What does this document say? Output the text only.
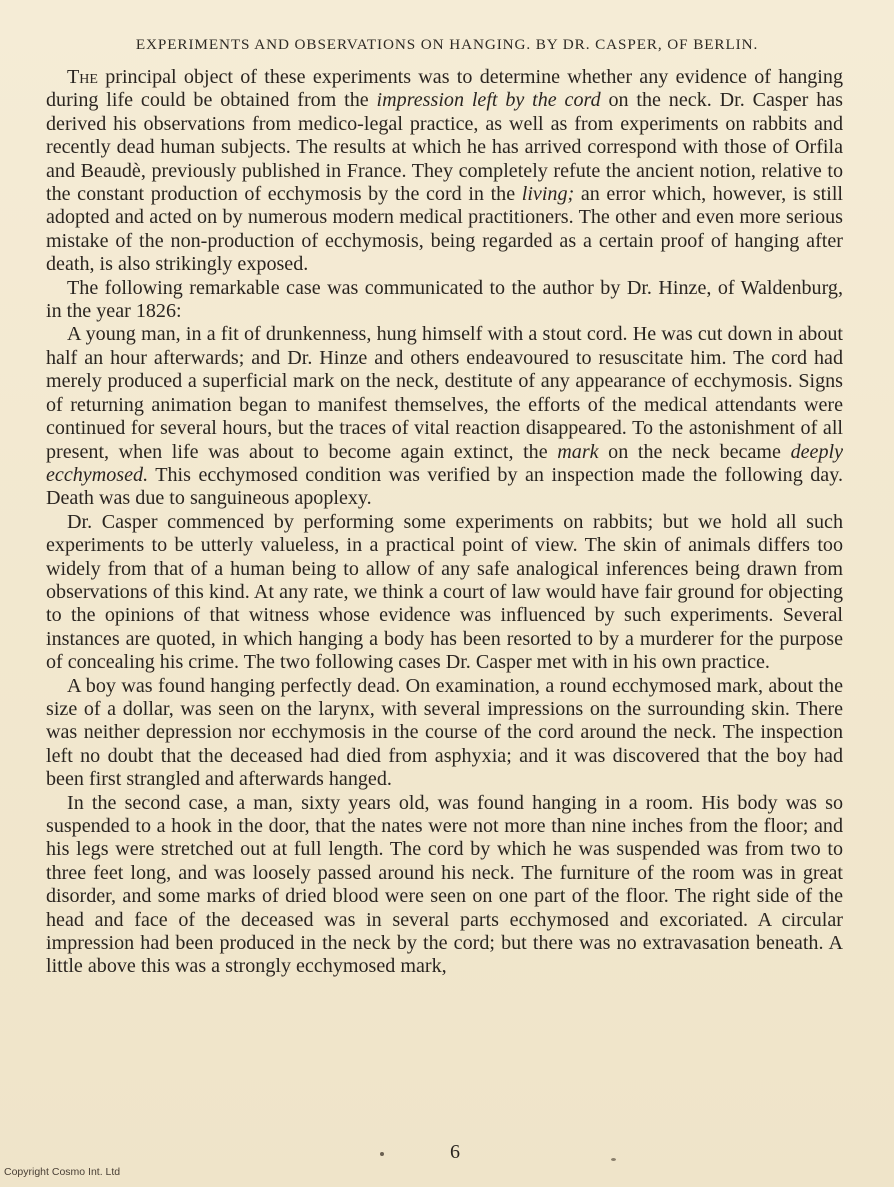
EXPERIMENTS AND OBSERVATIONS ON HANGING. BY DR. CASPER, OF BERLIN.

The principal object of these experiments was to determine whether any evidence of hanging during life could be obtained from the impression left by the cord on the neck. Dr. Casper has derived his observations from medico-legal practice, as well as from experiments on rabbits and recently dead human subjects. The results at which he has arrived correspond with those of Orfila and Beaudè, previously published in France. They completely refute the ancient notion, relative to the constant production of ecchymosis by the cord in the living; an error which, however, is still adopted and acted on by numerous modern medical practitioners. The other and even more serious mistake of the non-production of ecchymosis, being regarded as a certain proof of hanging after death, is also strikingly exposed.

The following remarkable case was communicated to the author by Dr. Hinze, of Waldenburg, in the year 1826:

A young man, in a fit of drunkenness, hung himself with a stout cord. He was cut down in about half an hour afterwards; and Dr. Hinze and others endeavoured to resuscitate him. The cord had merely produced a superficial mark on the neck, destitute of any appearance of ecchymosis. Signs of returning animation began to manifest themselves, the efforts of the medical attendants were continued for several hours, but the traces of vital reaction disappeared. To the astonishment of all present, when life was about to become again extinct, the mark on the neck became deeply ecchymosed. This ecchymosed condition was verified by an inspection made the following day. Death was due to sanguineous apoplexy.

Dr. Casper commenced by performing some experiments on rabbits; but we hold all such experiments to be utterly valueless, in a practical point of view. The skin of animals differs too widely from that of a human being to allow of any safe analogical inferences being drawn from observations of this kind. At any rate, we think a court of law would have fair ground for objecting to the opinions of that witness whose evidence was influenced by such experiments. Several instances are quoted, in which hanging a body has been resorted to by a murderer for the purpose of concealing his crime. The two following cases Dr. Casper met with in his own practice.

A boy was found hanging perfectly dead. On examination, a round ecchymosed mark, about the size of a dollar, was seen on the larynx, with several impressions on the surrounding skin. There was neither depression nor ecchymosis in the course of the cord around the neck. The inspection left no doubt that the deceased had died from asphyxia; and it was discovered that the boy had been first strangled and afterwards hanged.

In the second case, a man, sixty years old, was found hanging in a room. His body was so suspended to a hook in the door, that the nates were not more than nine inches from the floor; and his legs were stretched out at full length. The cord by which he was suspended was from two to three feet long, and was loosely passed around his neck. The furniture of the room was in great disorder, and some marks of dried blood were seen on one part of the floor. The right side of the head and face of the deceased was in several parts ecchymosed and excoriated. A circular impression had been produced in the neck by the cord; but there was no extravasation beneath. A little above this was a strongly ecchymosed mark,

6
Copyright Cosmo Int. Ltd
